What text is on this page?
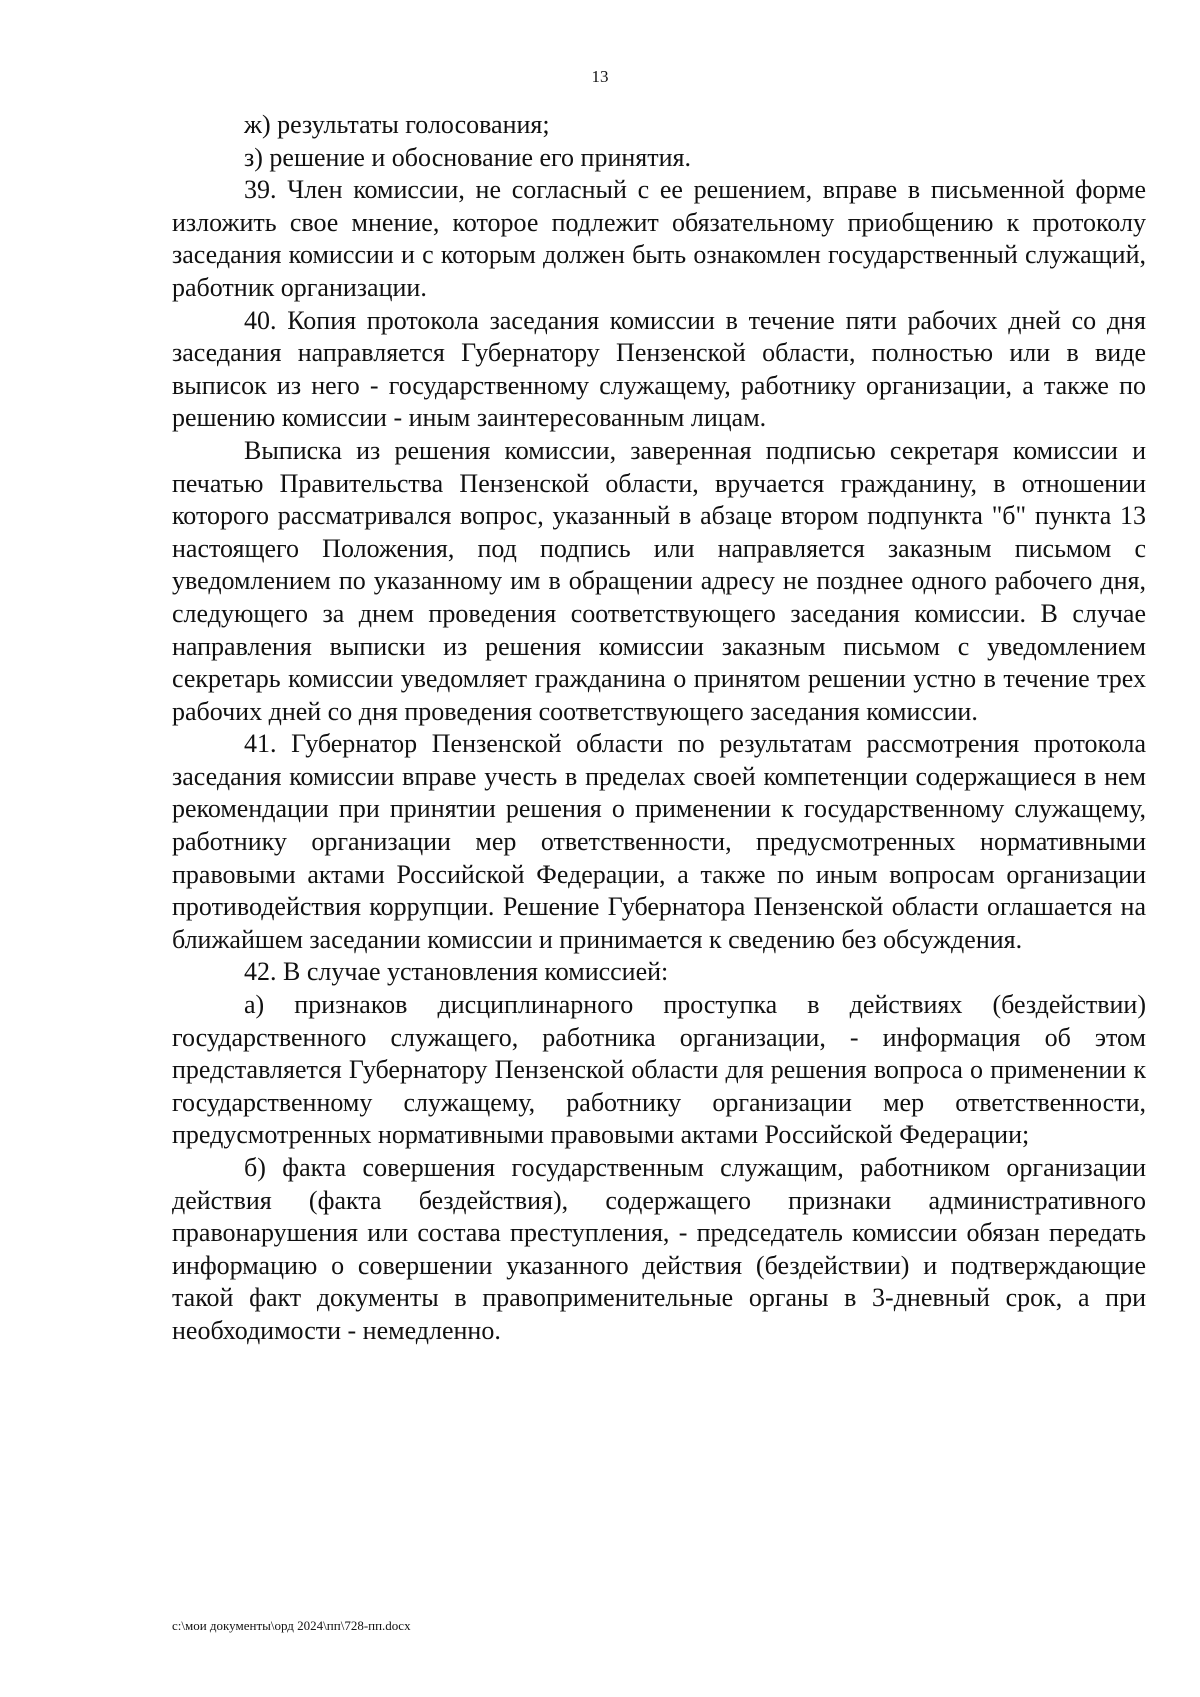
13

ж) результаты голосования;

з) решение и обоснование его принятия.

39. Член комиссии, не согласный с ее решением, вправе в письменной форме изложить свое мнение, которое подлежит обязательному приобщению к протоколу заседания комиссии и с которым должен быть ознакомлен государственный служащий, работник организации.

40. Копия протокола заседания комиссии в течение пяти рабочих дней со дня заседания направляется Губернатору Пензенской области, полностью или в виде выписок из него - государственному служащему, работнику организации, а также по решению комиссии - иным заинтересованным лицам.

Выписка из решения комиссии, заверенная подписью секретаря комиссии и печатью Правительства Пензенской области, вручается гражданину, в отношении которого рассматривался вопрос, указанный в абзаце втором подпункта "б" пункта 13 настоящего Положения, под подпись или направляется заказным письмом с уведомлением по указанному им в обращении адресу не позднее одного рабочего дня, следующего за днем проведения соответствующего заседания комиссии. В случае направления выписки из решения комиссии заказным письмом с уведомлением секретарь комиссии уведомляет гражданина о принятом решении устно в течение трех рабочих дней со дня проведения соответствующего заседания комиссии.

41. Губернатор Пензенской области по результатам рассмотрения протокола заседания комиссии вправе учесть в пределах своей компетенции содержащиеся в нем рекомендации при принятии решения о применении к государственному служащему, работнику организации мер ответственности, предусмотренных нормативными правовыми актами Российской Федерации, а также по иным вопросам организации противодействия коррупции. Решение Губернатора Пензенской области оглашается на ближайшем заседании комиссии и принимается к сведению без обсуждения.

42. В случае установления комиссией:

а) признаков дисциплинарного проступка в действиях (бездействии) государственного служащего, работника организации, - информация об этом представляется Губернатору Пензенской области для решения вопроса о применении к государственному служащему, работнику организации мер ответственности, предусмотренных нормативными правовыми актами Российской Федерации;

б) факта совершения государственным служащим, работником организации действия (факта бездействия), содержащего признаки административного правонарушения или состава преступления, - председатель комиссии обязан передать информацию о совершении указанного действия (бездействии) и подтверждающие такой факт документы в правоприменительные органы в 3-дневный срок, а при необходимости - немедленно.

c:\мои документы\орд 2024\пп\728-пп.docx
